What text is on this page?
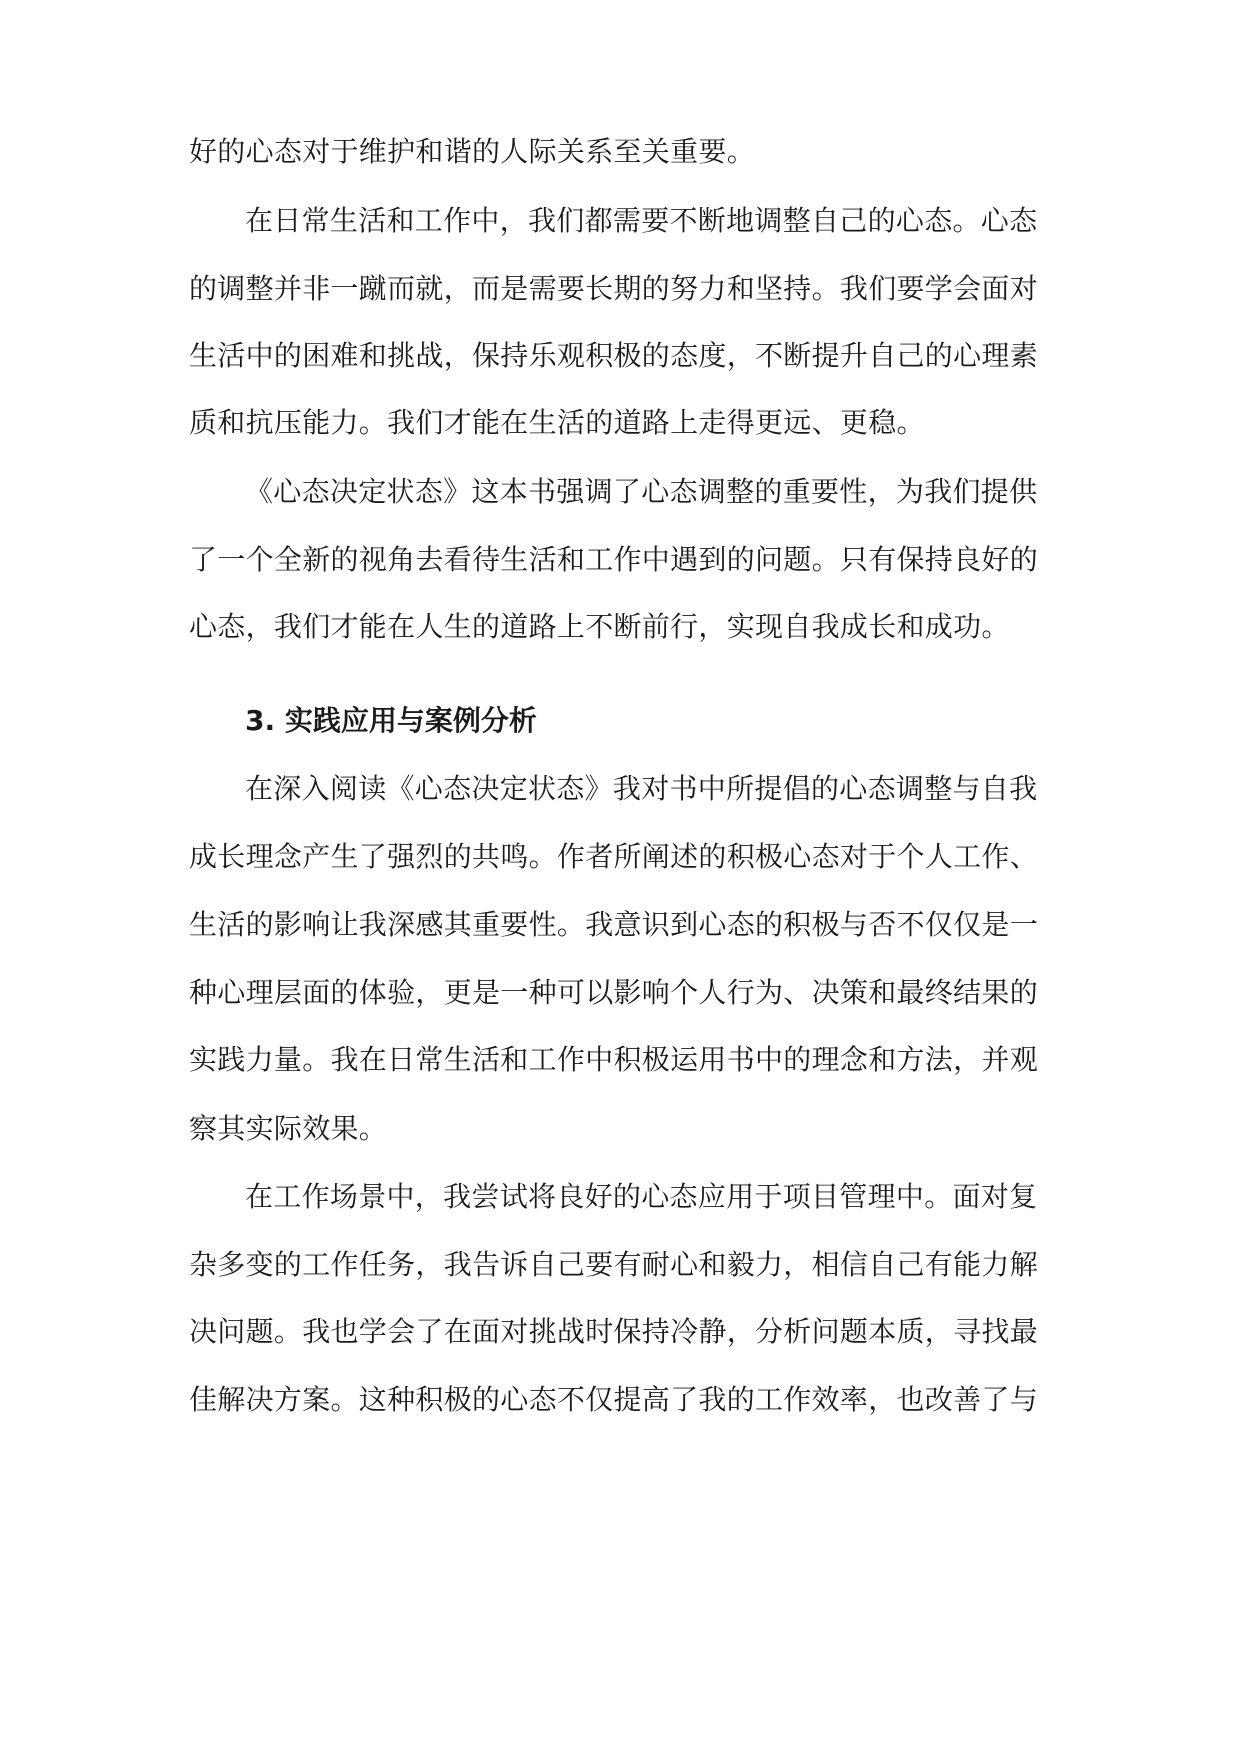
好的心态对于维护和谐的人际关系至关重要。

在日常生活和工作中，我们都需要不断地调整自己的心态。心态

的调整并非一蹴而就，而是需要长期的努力和坚持。我们要学会面对

生活中的困难和挑战，保持乐观积极的态度，不断提升自己的心理素

质和抗压能力。我们才能在生活的道路上走得更远、更稳。

《心态决定状态》这本书强调了心态调整的重要性，为我们提供

了一个全新的视角去看待生活和工作中遇到的问题。只有保持良好的

心态，我们才能在人生的道路上不断前行，实现自我成长和成功。

3. 实践应用与案例分析

在深入阅读《心态决定状态》我对书中所提倡的心态调整与自我

成长理念产生了强烈的共鸣。作者所阐述的积极心态对于个人工作、

生活的影响让我深感其重要性。我意识到心态的积极与否不仅仅是一

种心理层面的体验，更是一种可以影响个人行为、决策和最终结果的

实践力量。我在日常生活和工作中积极运用书中的理念和方法，并观

察其实际效果。

在工作场景中，我尝试将良好的心态应用于项目管理中。面对复

杂多变的工作任务，我告诉自己要有耐心和毅力，相信自己有能力解

决问题。我也学会了在面对挑战时保持冷静，分析问题本质，寻找最

佳解决方案。这种积极的心态不仅提高了我的工作效率，也改善了与
